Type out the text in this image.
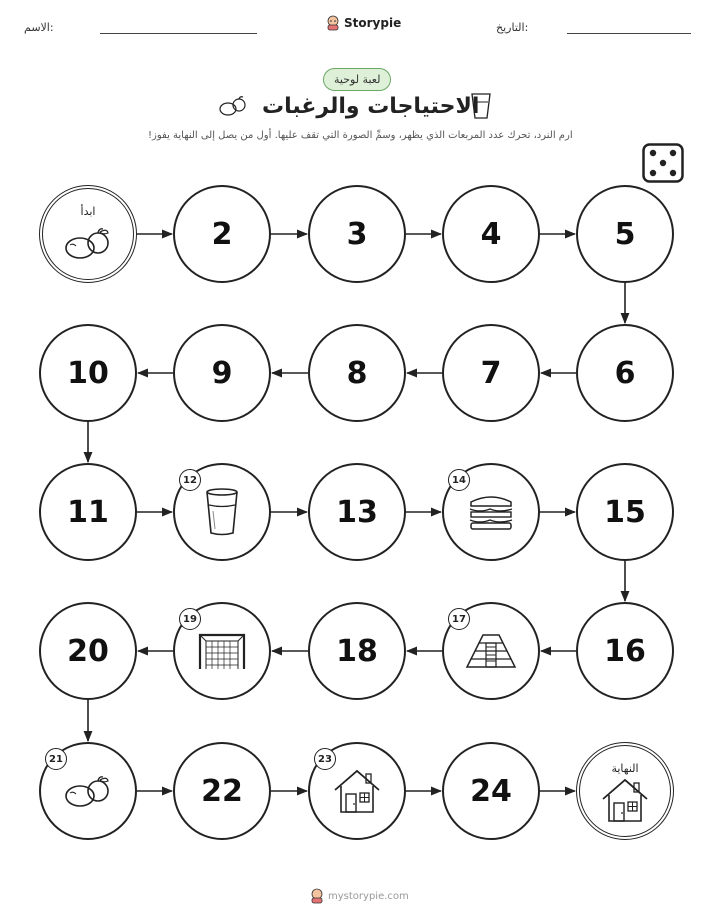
الاسم:	Storypie	التاريخ:
لعبة لوحية
الاحتياجات والرغبات
ارم النرد، تحرك عدد المربعات الذي يظهر، وسمِّ الصورة التي تقف عليها. أول من يصل إلى النهاية يفوز!
ابدأ
2	3	4	5
6
7
8
9
10
11
12
13
14
15
16
17
18
19
20
21
22
23
24
النهاية
mystorypie.com
